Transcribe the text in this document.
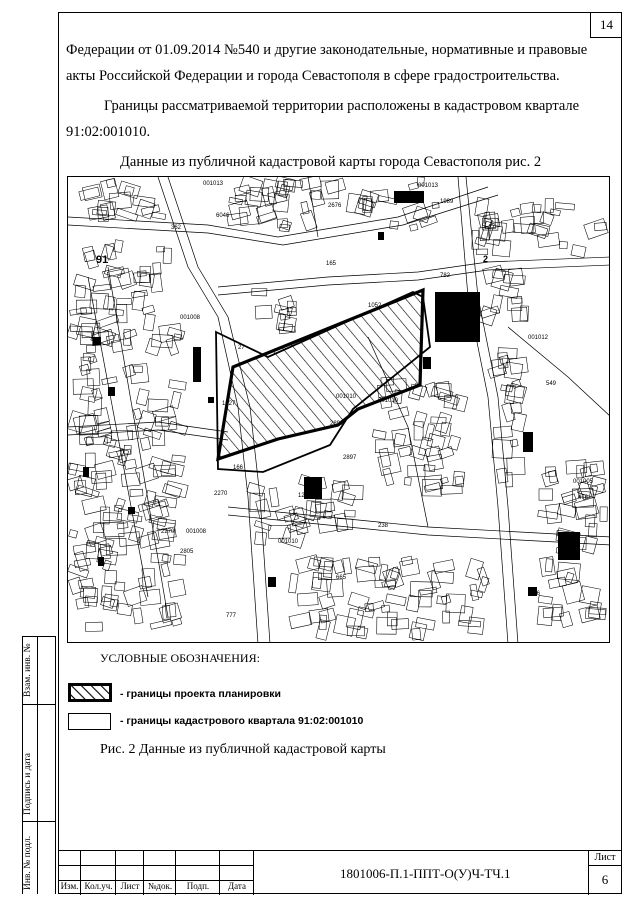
14
Федерации от 01.09.2014 №540 и другие законодательные, нормативные и правовые
акты Российской Федерации и города Севастополя в сфере градостроительства.
Границы рассматриваемой территории расположены в кадастровом квартале
91:02:001010.
Данные из публичной кадастровой карты города Севастополя рис. 2
001013	001013
001008
001012
001010
001010
001008
001005
001010
91	2
2676
362
6046
165
1052
27
549
2270
2270
1240
238
665
777
166
2805
476
566
1989
782
2899
2897
263
1627
УСЛОВНЫЕ ОБОЗНАЧЕНИЯ:
- границы проекта планировки
- границы кадастрового квартала 91:02:001010
Рис. 2 Данные из публичной кадастровой карты
Взам. инв. №
Подпись и дата
Инв. № подл.	Изм. Кол.уч. Лист №док.	Подп.	Дата
1801006-П.1-ППТ-О(У)Ч-ТЧ.1
Лист
6
